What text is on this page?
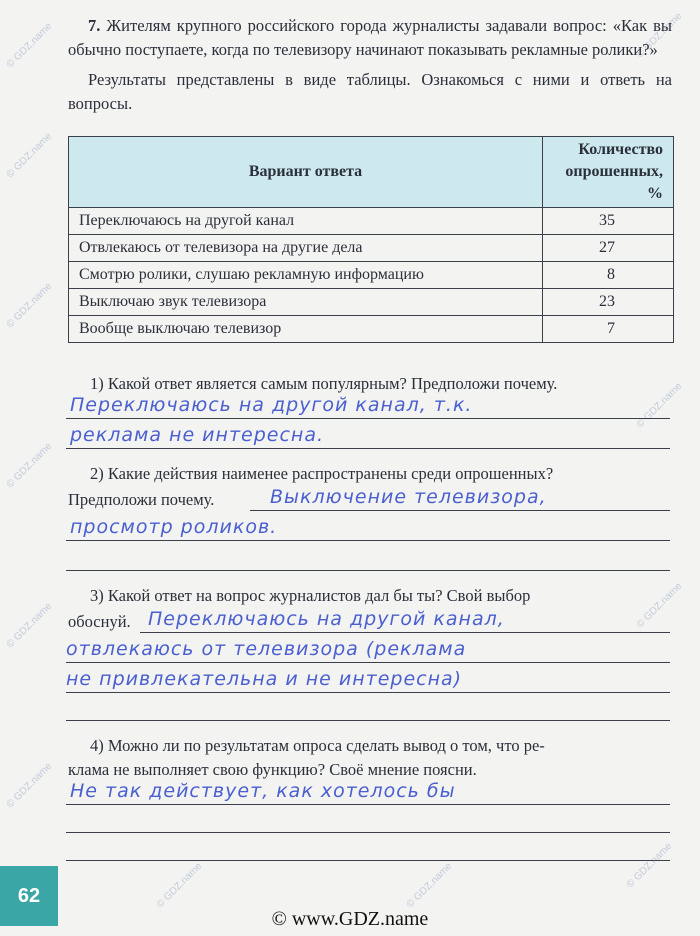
© GDZ.name
© GDZ.name
© GDZ.name
© GDZ.name
© GDZ.name
© GDZ.name
© GDZ.name
© GDZ.name
© GDZ.name
© GDZ.name
© GDZ.name
© GDZ.name

7. Жителям крупного российского города журналисты задавали вопрос: «Как вы обычно поступаете, когда по телевизору начинают показывать рекламные ролики?»

Результаты представлены в виде таблицы. Ознакомься с ними и ответь на вопросы.

Вариант ответа	Количество
опрошенных,
%
Переключаюсь на другой канал	35
Отвлекаюсь от телевизора на другие дела	27
Смотрю ролики, слушаю рекламную информацию	8
Выключаю звук телевизора	23
Вообще выключаю телевизор	7
1) Какой ответ является самым популярным? Предположи почему.
Переключаюсь на другой канал, т.к.
реклама не интересна.
2) Какие действия наименее распространены среди опрошенных?
Предположи почему.	Выключение телевизора,
просмотр роликов.
3) Какой ответ на вопрос журналистов дал бы ты? Свой выбор
обоснуй. Переключаюсь на другой канал,
отвлекаюсь от телевизора (реклама
не привлекательна и не интересна)
4) Можно ли по результатам опроса сделать вывод о том, что ре-
клама не выполняет свою функцию? Своё мнение поясни.
Не так действует, как хотелось бы
62
© www.GDZ.name
